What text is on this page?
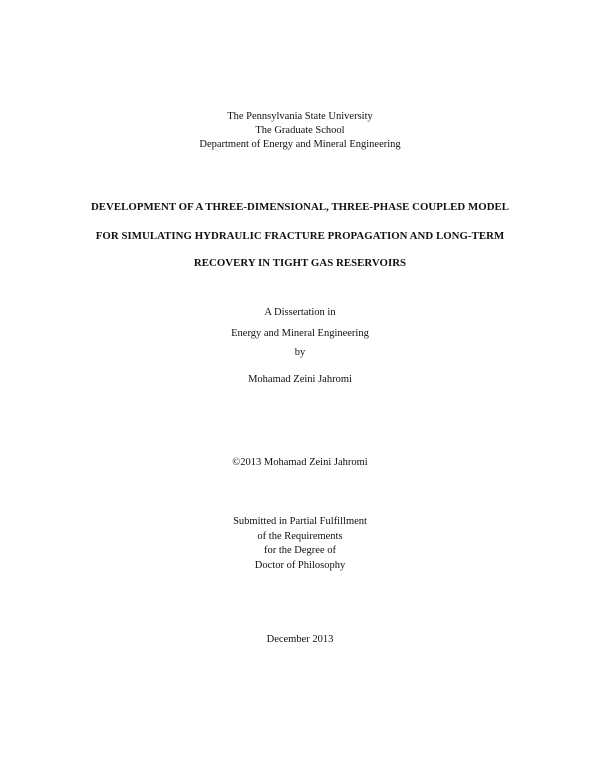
The Pennsylvania State University
The Graduate School
Department of Energy and Mineral Engineering
DEVELOPMENT OF A THREE-DIMENSIONAL, THREE-PHASE COUPLED MODEL
FOR SIMULATING HYDRAULIC FRACTURE PROPAGATION AND LONG-TERM
RECOVERY IN TIGHT GAS RESERVOIRS
A Dissertation in
Energy and Mineral Engineering
by
Mohamad Zeini Jahromi
©2013 Mohamad Zeini Jahromi
Submitted in Partial Fulfillment
of the Requirements
for the Degree of
Doctor of Philosophy
December 2013
